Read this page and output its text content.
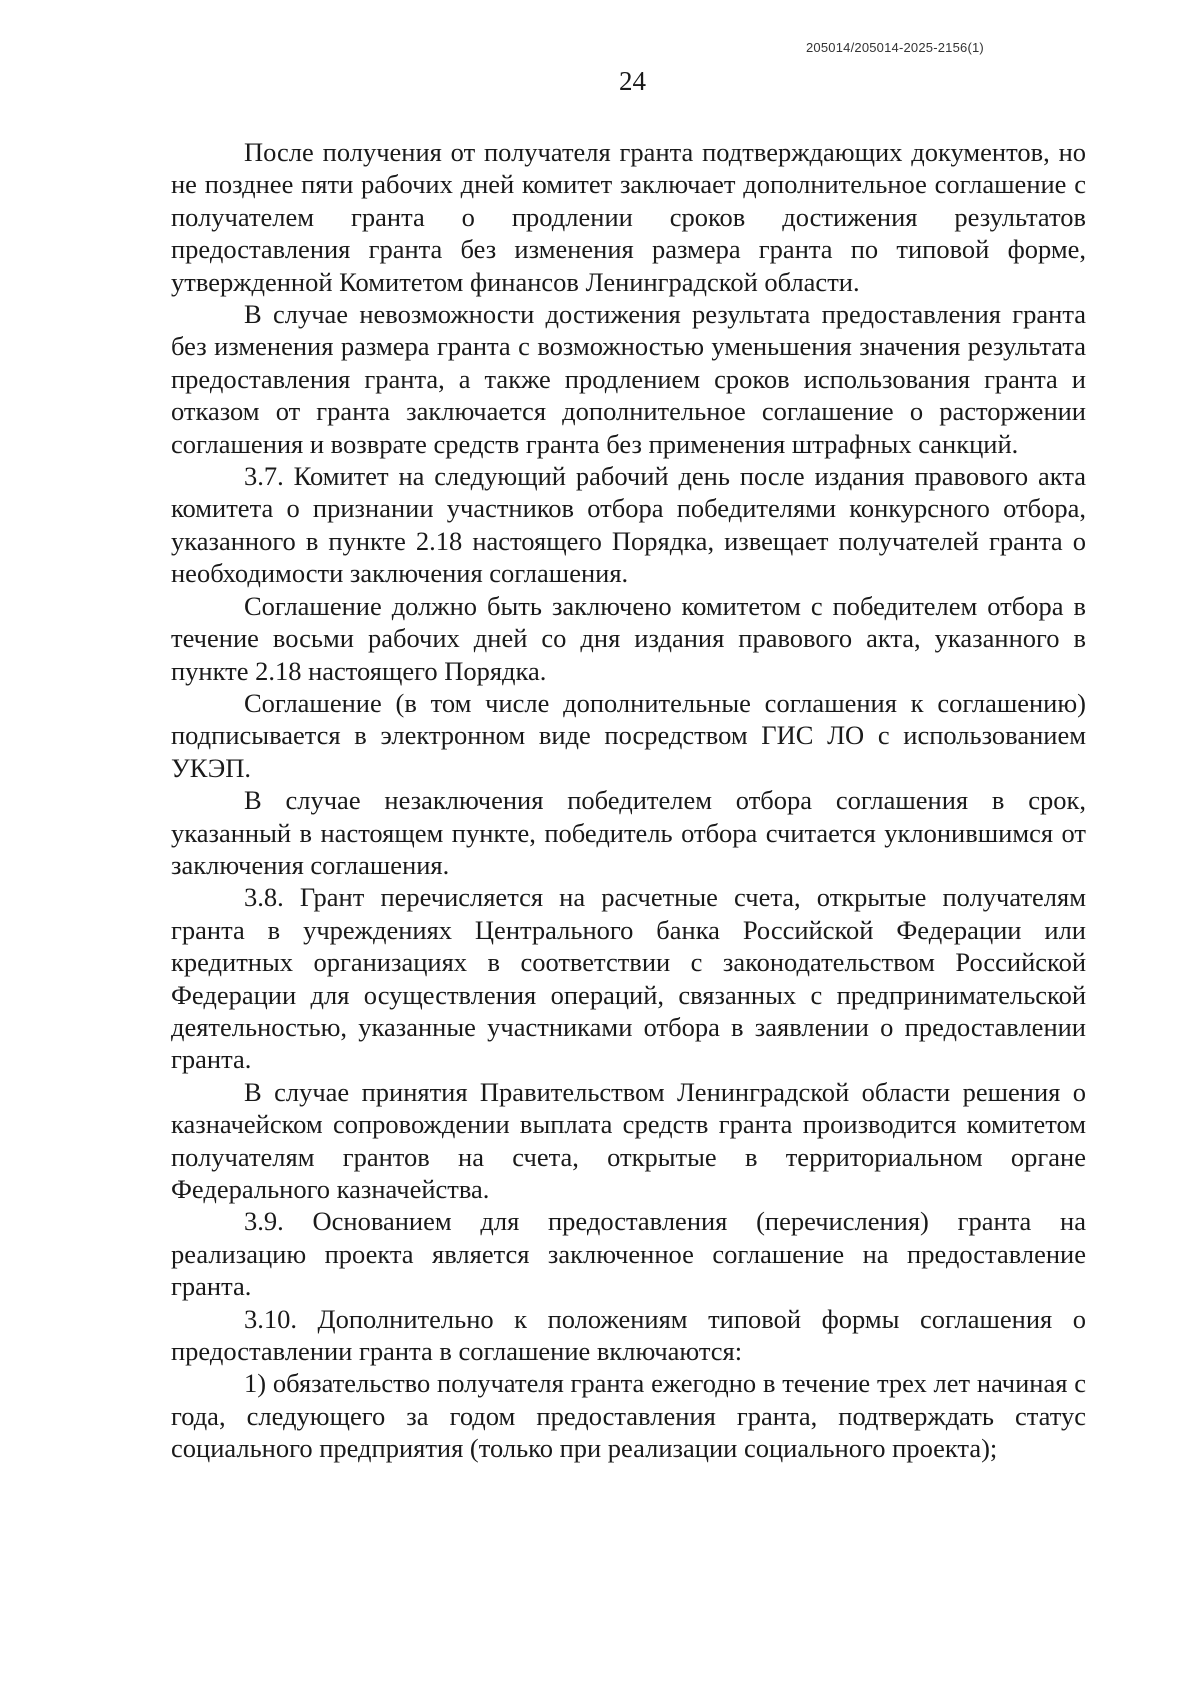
205014/205014-2025-2156(1)
24

После получения от получателя гранта подтверждающих документов, но не позднее пяти рабочих дней комитет заключает дополнительное соглашение с получателем гранта о продлении сроков достижения результатов предоставления гранта без изменения размера гранта по типовой форме, утвержденной Комитетом финансов Ленинградской области.

В случае невозможности достижения результата предоставления гранта без изменения размера гранта с возможностью уменьшения значения результата предоставления гранта, а также продлением сроков использования гранта и отказом от гранта заключается дополнительное соглашение о расторжении соглашения и возврате средств гранта без применения штрафных санкций.

3.7. Комитет на следующий рабочий день после издания правового акта комитета о признании участников отбора победителями конкурсного отбора, указанного в пункте 2.18 настоящего Порядка, извещает получателей гранта о необходимости заключения соглашения.

Соглашение должно быть заключено комитетом с победителем отбора в течение восьми рабочих дней со дня издания правового акта, указанного в пункте 2.18 настоящего Порядка.

Соглашение (в том числе дополнительные соглашения к соглашению) подписывается в электронном виде посредством ГИС ЛО с использованием УКЭП.

В случае незаключения победителем отбора соглашения в срок, указанный в настоящем пункте, победитель отбора считается уклонившимся от заключения соглашения.

3.8. Грант перечисляется на расчетные счета, открытые получателям гранта в учреждениях Центрального банка Российской Федерации или кредитных организациях в соответствии с законодательством Российской Федерации для осуществления операций, связанных с предпринимательской деятельностью, указанные участниками отбора в заявлении о предоставлении гранта.

В случае принятия Правительством Ленинградской области решения о казначейском сопровождении выплата средств гранта производится комитетом получателям грантов на счета, открытые в территориальном органе Федерального казначейства.

3.9. Основанием для предоставления (перечисления) гранта на реализацию проекта является заключенное соглашение на предоставление гранта.

3.10. Дополнительно к положениям типовой формы соглашения о предоставлении гранта в соглашение включаются:

1) обязательство получателя гранта ежегодно в течение трех лет начиная с года, следующего за годом предоставления гранта, подтверждать статус социального предприятия (только при реализации социального проекта);
